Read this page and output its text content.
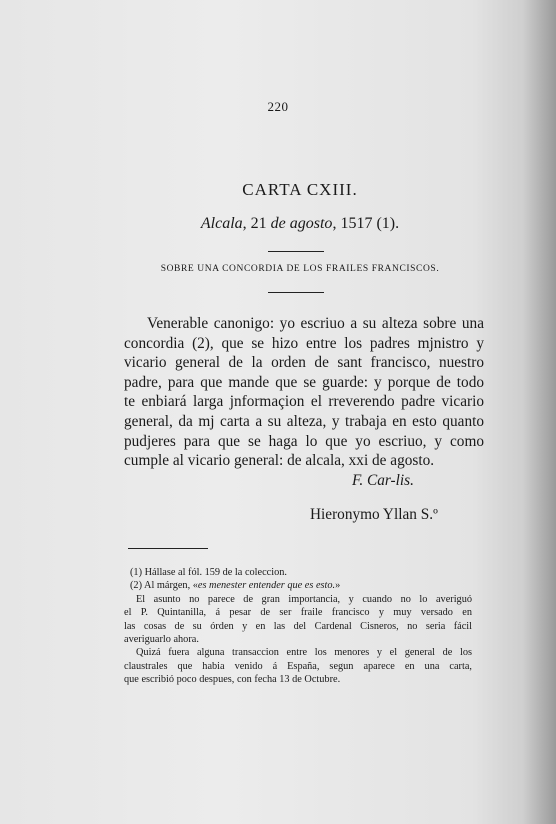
220
CARTA CXIII.
Alcala, 21 de agosto, 1517 (1).
SOBRE UNA CONCORDIA DE LOS FRAILES FRANCISCOS.
Venerable canonigo: yo escriuo a su alteza sobre una
concordia (2), que se hizo entre los padres mjnistro y
vicario general de la orden de sant francisco, nuestro
padre, para que mande que se guarde: y porque de todo
te enbiará larga jnformaçion el rreverendo padre vicario
general, da mj carta a su alteza, y trabaja en esto quanto
pudjeres para que se haga lo que yo escriuo, y como
cumple al vicario general: de alcala, xxi de agosto.
F. Car-lis.
Hieronymo Yllan S.º
(1) Hállase al fól. 159 de la coleccion.
(2) Al márgen, «es menester entender que es esto.»
El asunto no parece de gran importancia, y cuando no lo averiguó
el P. Quintanilla, á pesar de ser fraile francisco y muy versado en
las cosas de su órden y en las del Cardenal Cisneros, no seria fácil
averiguarlo ahora.
Quizá fuera alguna transaccion entre los menores y el general de los
claustrales que habia venido á España, segun aparece en una carta,
que escribió poco despues, con fecha 13 de Octubre.
